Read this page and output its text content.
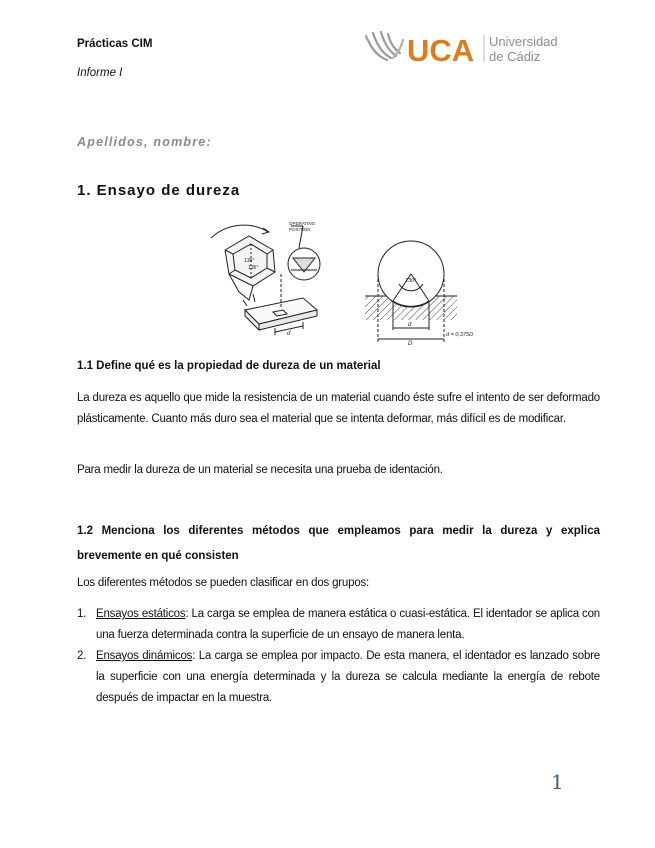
Prácticas CIM
Informe I
UCA Universidad
de Cádiz
Apellidos, nombre:
1. Ensayo de dureza
OPERATING
POSITION
136°
136°
d
130°
d
D
d = 0,375D
1.1 Define qué es la propiedad de dureza de un material
La dureza es aquello que mide la resistencia de un material cuando éste sufre el intento de ser deformado plásticamente. Cuanto más duro sea el material que se intenta deformar, más difícil es de modificar.
Para medir la dureza de un material se necesita una prueba de identación.
1.2 Menciona los diferentes métodos que empleamos para medir la dureza y explica brevemente en qué consisten
Los diferentes métodos se pueden clasificar en dos grupos:
1. Ensayos estáticos: La carga se emplea de manera estática o cuasi-estática. El identador se aplica con una fuerza determinada contra la superficie de un ensayo de manera lenta.
2. Ensayos dinámicos: La carga se emplea por impacto. De esta manera, el identador es lanzado sobre la superficie con una energía determinada y la dureza se calcula mediante la energía de rebote después de impactar en la muestra.
1
